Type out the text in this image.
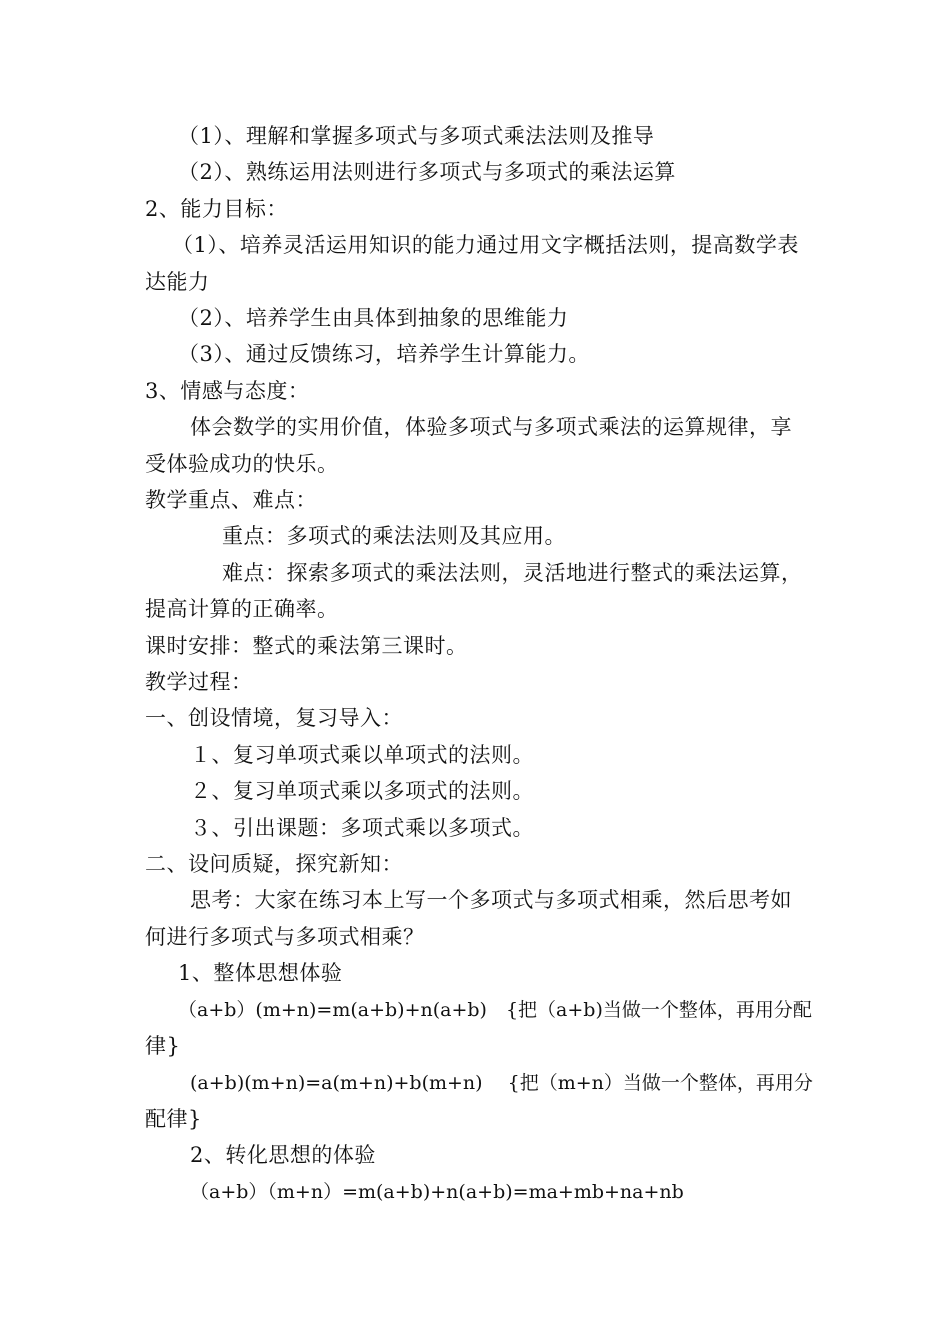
（1）、理解和掌握多项式与多项式乘法法则及推导
（2）、熟练运用法则进行多项式与多项式的乘法运算
2、能力目标：
（1）、培养灵活运用知识的能力通过用文字概括法则，提高数学表
达能力
（2）、培养学生由具体到抽象的思维能力
（3）、通过反馈练习，培养学生计算能力。
3、情感与态度：
体会数学的实用价值，体验多项式与多项式乘法的运算规律，享
受体验成功的快乐。
教学重点、难点：
重点：多项式的乘法法则及其应用。
难点：探索多项式的乘法法则，灵活地进行整式的乘法运算，
提高计算的正确率。
课时安排：整式的乘法第三课时。
教学过程：
一、创设情境，复习导入：
１、复习单项式乘以单项式的法则。
２、复习单项式乘以多项式的法则。
３、引出课题：多项式乘以多项式。
二、设问质疑，探究新知：
思考：大家在练习本上写一个多项式与多项式相乘，然后思考如
何进行多项式与多项式相乘？
1、整体思想体验
（a+b）(m+n)=m(a+b)+n(a+b)　{把（a+b)当做一个整体，再用分配
律}
(a+b)(m+n)=a(m+n)+b(m+n)　 {把（m+n）当做一个整体，再用分
配律}
2、转化思想的体验
（a+b）（m+n）=m(a+b)+n(a+b)=ma+mb+na+nb
